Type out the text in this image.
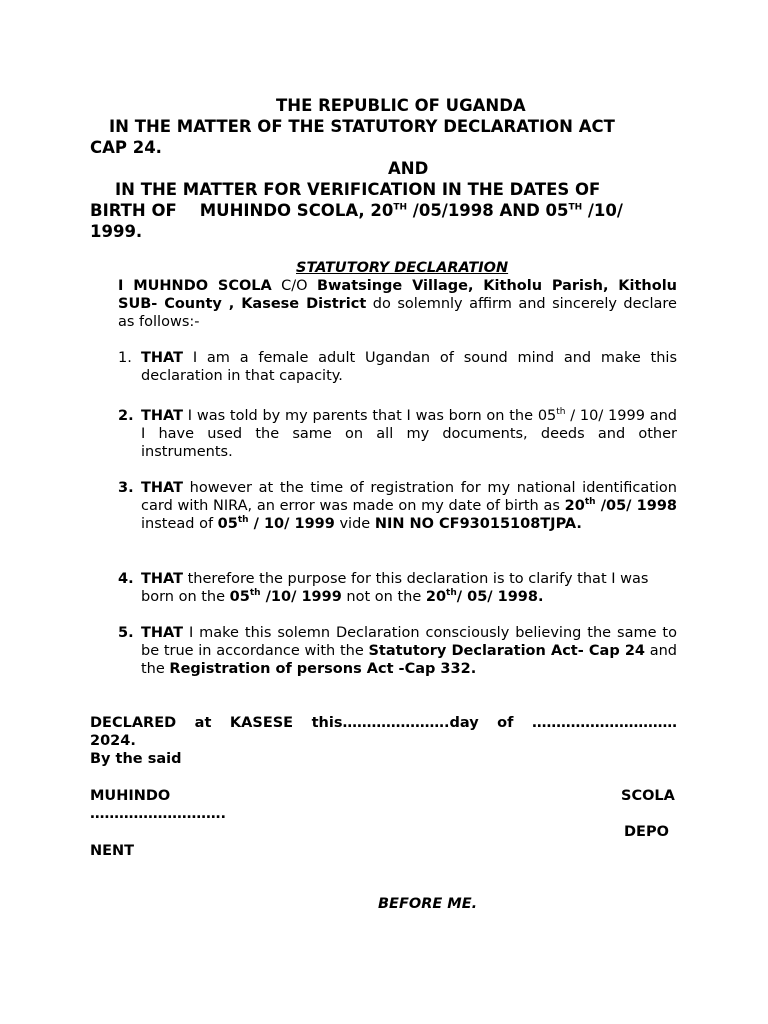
THE REPUBLIC OF UGANDA
IN THE MATTER OF THE STATUTORY DECLARATION ACT
CAP 24.
AND
IN THE MATTER FOR VERIFICATION IN THE DATES OF
BIRTH OF    MUHINDO SCOLA, 20TH /05/1998 AND 05TH /10/
1999.
STATUTORY DECLARATION
I MUHNDO SCOLA C/O Bwatsinge Village, Kitholu Parish, Kitholu SUB- County , Kasese District do solemnly affirm and sincerely declare as follows:-
1. THAT I am a female adult Ugandan of sound mind and make this declaration in that capacity.
2. THAT I was told by my parents that I was born on the 05th / 10/ 1999 and I have used the same on all my documents, deeds and other instruments.
3. THAT however at the time of registration for my national identification card with NIRA, an error was made on my date of birth as 20th /05/ 1998 instead of 05th / 10/ 1999 vide NIN NO CF93015108TJPA.
4. THAT therefore the purpose for this declaration is to clarify that I was born on the 05th /10/ 1999 not on the 20th/ 05/ 1998.
5. THAT I make this solemn Declaration consciously believing the same to be true in accordance with the Statutory Declaration Act- Cap 24 and the Registration of persons Act -Cap 332.
DECLARED at KASESE this………………….day of …………………………
2024.
By the said
MUHINDO	SCOLA
……………………….
DEPO
NENT
BEFORE ME.
